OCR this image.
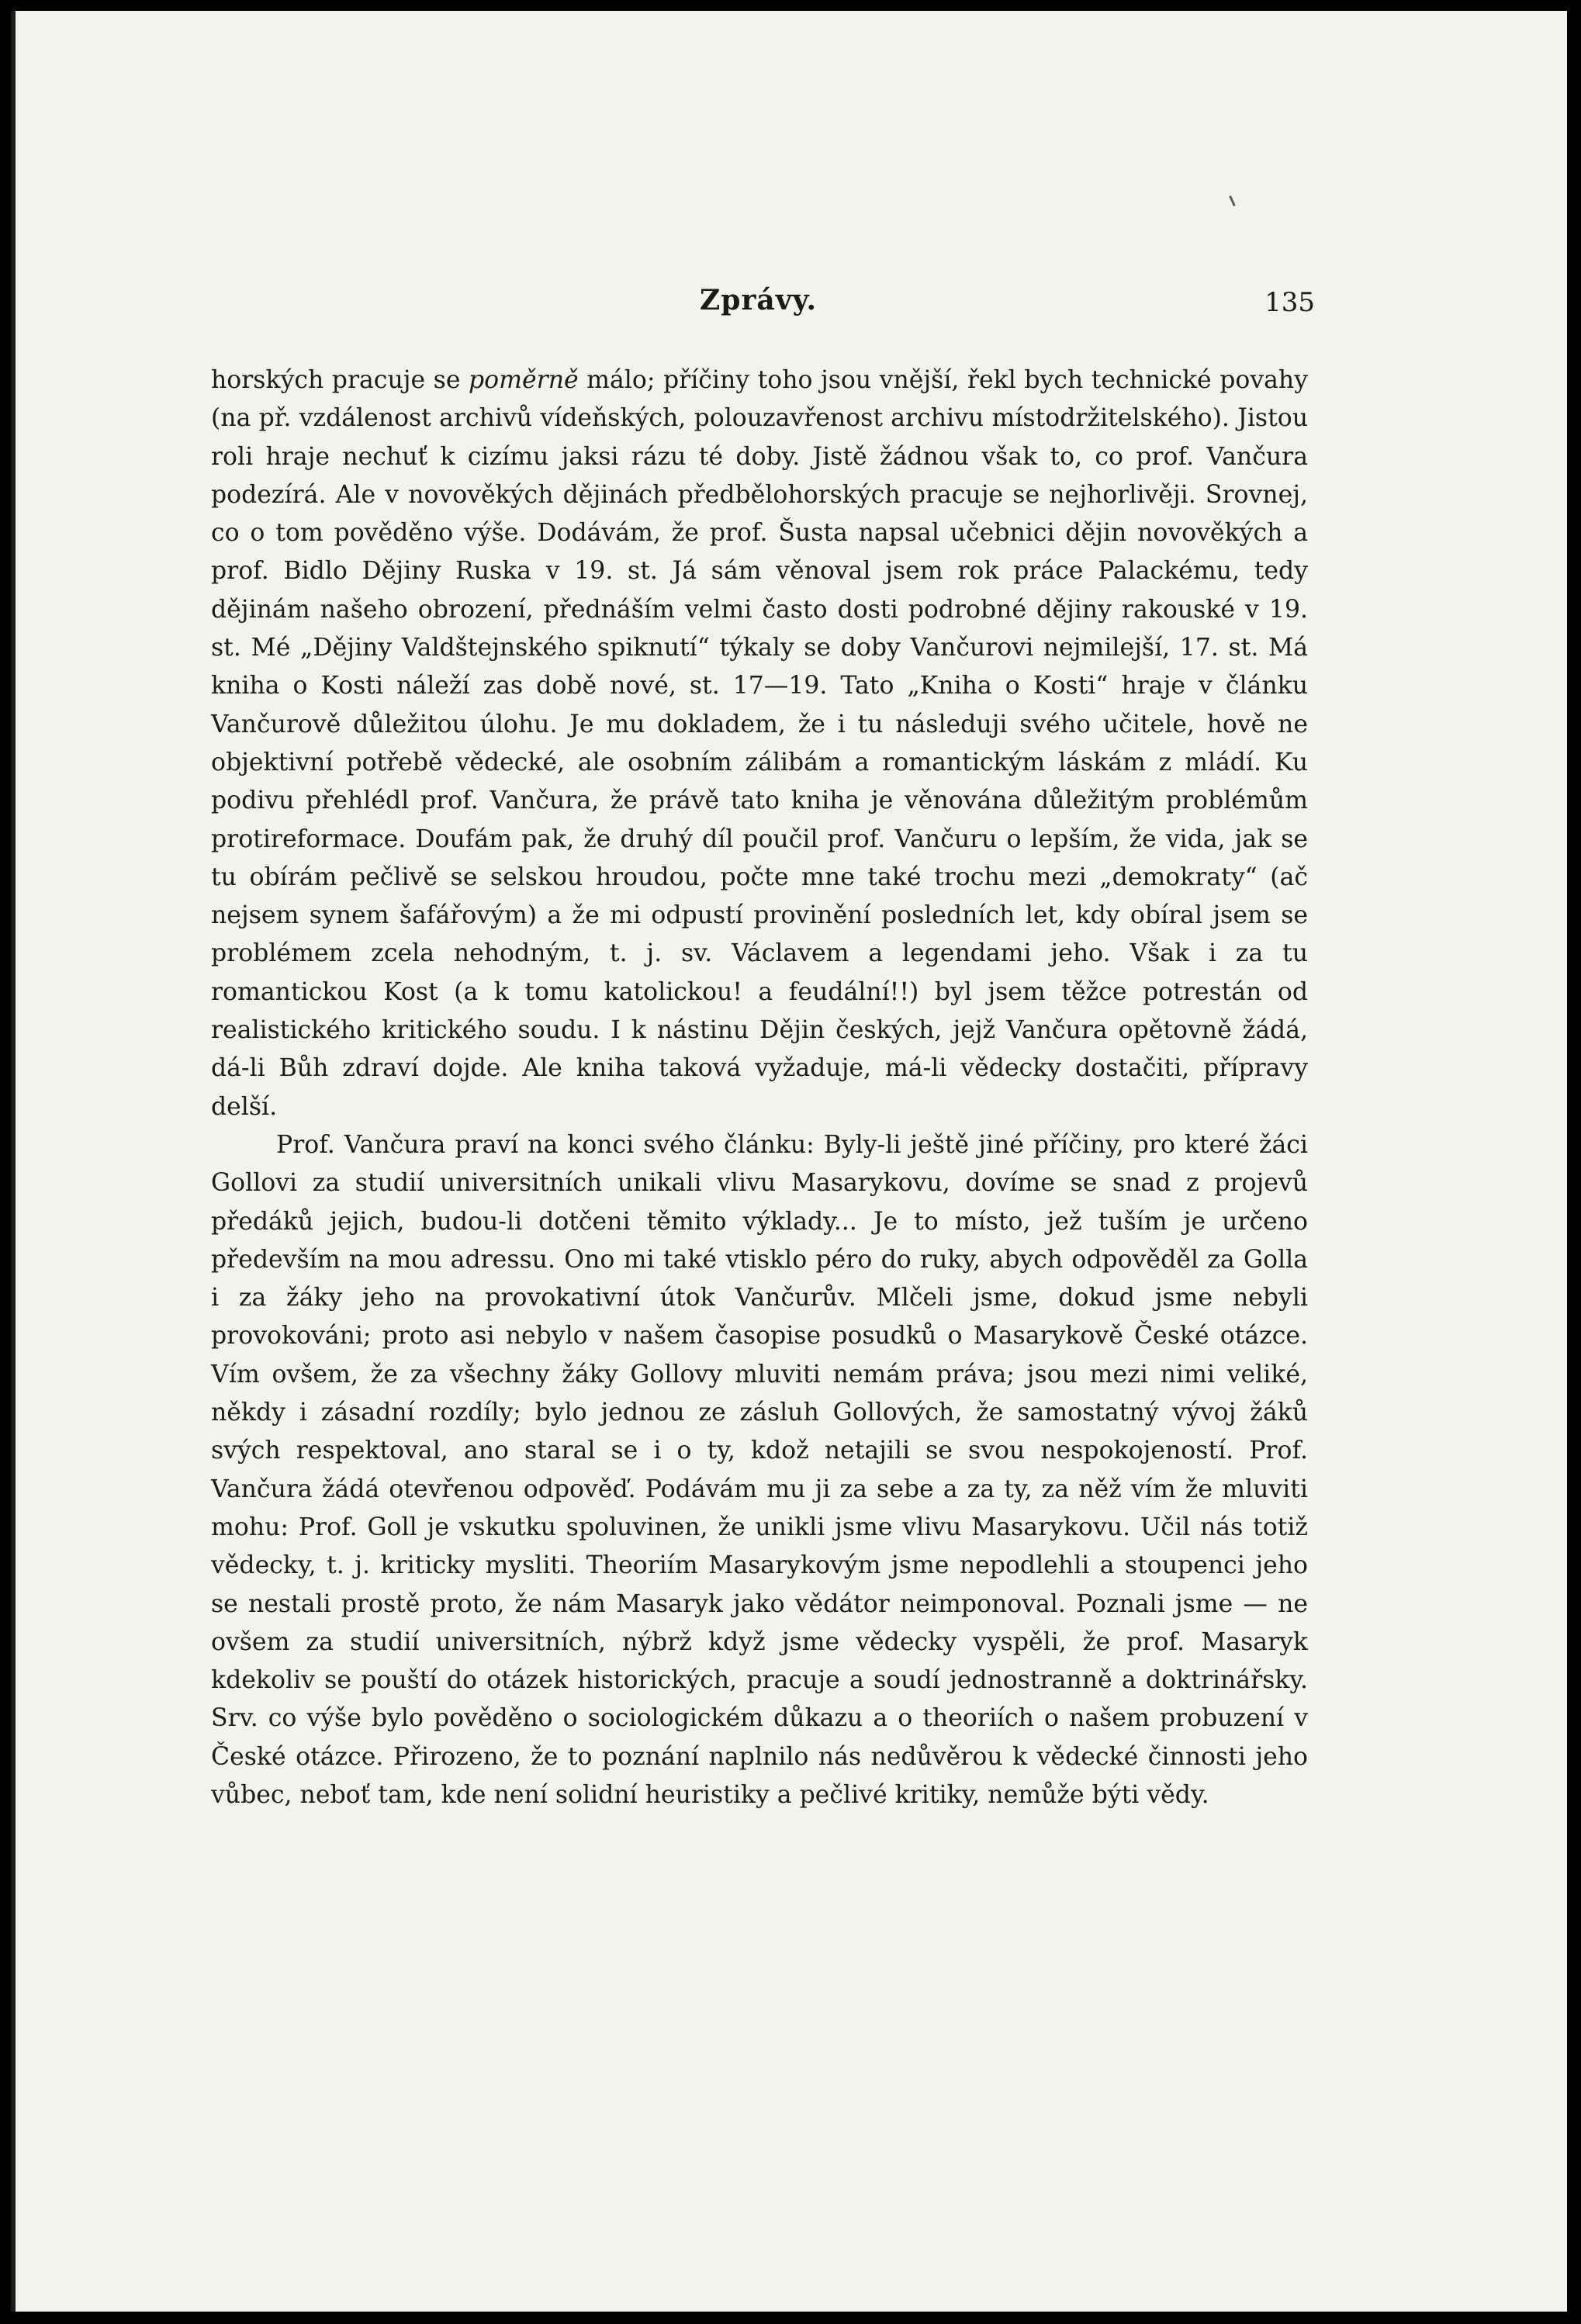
Zprávy.	135

horských pracuje se poměrně málo; příčiny toho jsou vnější, řekl bych technické povahy (na př. vzdálenost archivů vídeňských, polouzavřenost archivu místodržitelského). Jistou roli hraje nechuť k cizímu jaksi rázu té doby. Jistě žádnou však to, co prof. Vančura podezírá. Ale v novověkých dějinách předbělohorských pracuje se nejhorlivěji. Srovnej, co o tom pověděno výše. Dodávám, že prof. Šusta napsal učebnici dějin novověkých a prof. Bidlo Dějiny Ruska v 19. st. Já sám věnoval jsem rok práce Palackému, tedy dějinám našeho obrození, přednáším velmi často dosti podrobné dějiny rakouské v 19. st. Mé „Dějiny Valdštejnského spiknutí“ týkaly se doby Vančurovi nejmilejší, 17. st. Má kniha o Kosti náleží zas době nové, st. 17—19. Tato „Kniha o Kosti“ hraje v článku Vančurově důležitou úlohu. Je mu dokladem, že i tu následuji svého učitele, hově ne objektivní potřebě vědecké, ale osobním zálibám a romantickým láskám z mládí. Ku podivu přehlédl prof. Vančura, že právě tato kniha je věnována důležitým problémům protireformace. Doufám pak, že druhý díl poučil prof. Vančuru o lepším, že vida, jak se tu obírám pečlivě se selskou hroudou, počte mne také trochu mezi „demokraty“ (ač nejsem synem šafářovým) a že mi odpustí provinění posledních let, kdy obíral jsem se problémem zcela nehodným, t. j. sv. Václavem a legendami jeho. Však i za tu romantickou Kost (a k tomu katolickou! a feudální!!) byl jsem těžce potrestán od realistického kritického soudu. I k nástinu Dějin českých, jejž Vančura opětovně žádá, dá-li Bůh zdraví dojde. Ale kniha taková vyžaduje, má-li vědecky dostačiti, přípravy delší.

Prof. Vančura praví na konci svého článku: Byly-li ještě jiné příčiny, pro které žáci Gollovi za studií universitních unikali vlivu Masarykovu, dovíme se snad z projevů předáků jejich, budou-li dotčeni těmito výklady... Je to místo, jež tuším je určeno především na mou adressu. Ono mi také vtisklo péro do ruky, abych odpověděl za Golla i za žáky jeho na provokativní útok Vančurův. Mlčeli jsme, dokud jsme nebyli provokováni; proto asi nebylo v našem časopise posudků o Masarykově České otázce. Vím ovšem, že za všechny žáky Gollovy mluviti nemám práva; jsou mezi nimi veliké, někdy i zásadní rozdíly; bylo jednou ze zásluh Gollových, že samostatný vývoj žáků svých respektoval, ano staral se i o ty, kdož netajili se svou nespokojeností. Prof. Vančura žádá otevřenou odpověď. Podávám mu ji za sebe a za ty, za něž vím že mluviti mohu: Prof. Goll je vskutku spoluvinen, že unikli jsme vlivu Masarykovu. Učil nás totiž vědecky, t. j. kriticky mysliti. Theoriím Masarykovým jsme nepodlehli a stoupenci jeho se nestali prostě proto, že nám Masaryk jako vědátor neimponoval. Poznali jsme — ne ovšem za studií universitních, nýbrž když jsme vědecky vyspěli, že prof. Masaryk kdekoliv se pouští do otázek historických, pracuje a soudí jednostranně a doktrinářsky. Srv. co výše bylo pověděno o sociologickém důkazu a o theoriích o našem probuzení v České otázce. Přirozeno, že to poznání naplnilo nás nedůvěrou k vědecké činnosti jeho vůbec, neboť tam, kde není solidní heuristiky a pečlivé kritiky, nemůže býti vědy.
